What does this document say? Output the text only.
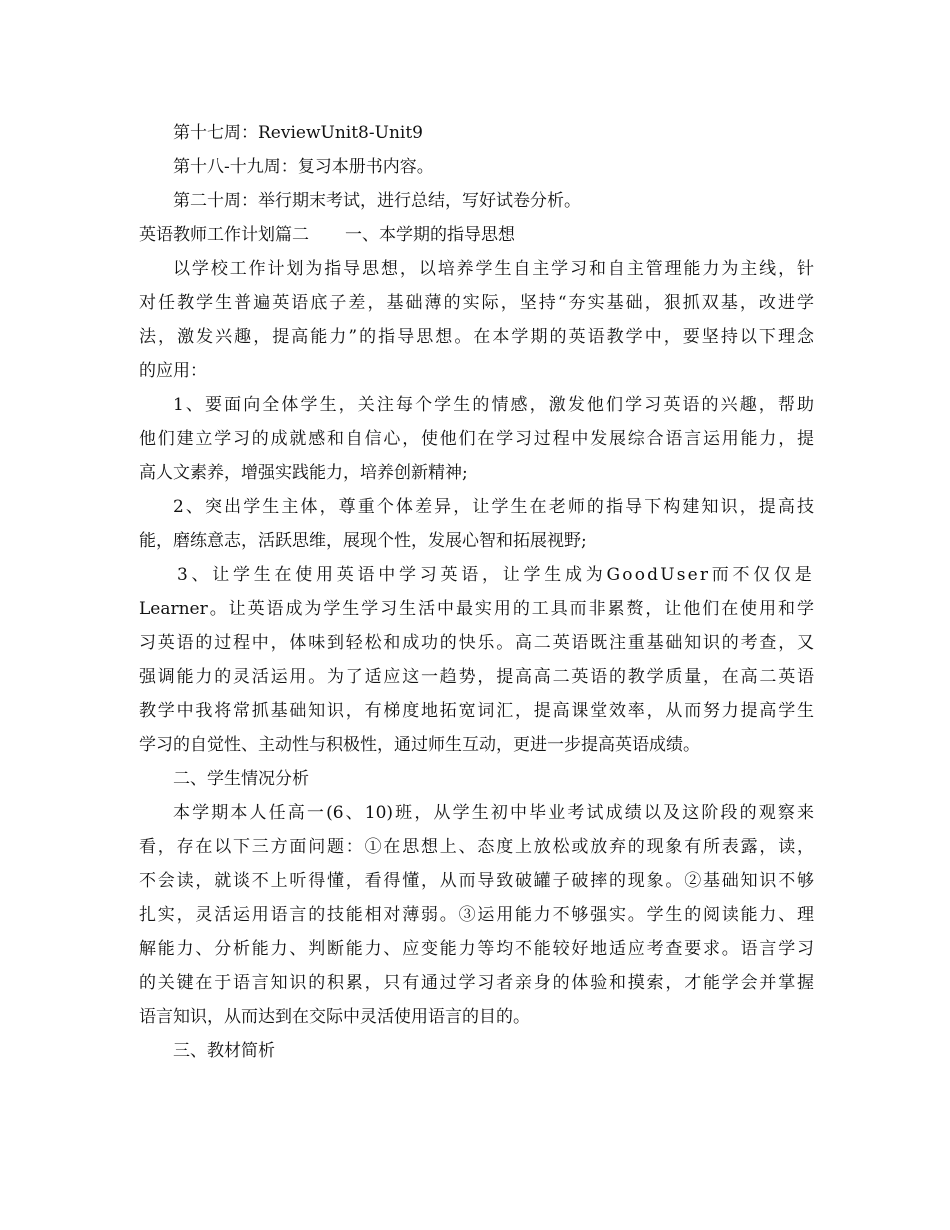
第十七周：ReviewUnit8-Unit9
第十八-十九周：复习本册书内容。
第二十周：举行期末考试，进行总结，写好试卷分析。
英语教师工作计划篇二 一、本学期的指导思想
以学校工作计划为指导思想，以培养学生自主学习和自主管理能力为主线，针
对任教学生普遍英语底子差，基础薄的实际，坚持“夯实基础，狠抓双基，改进学
法，激发兴趣，提高能力”的指导思想。在本学期的英语教学中，要坚持以下理念
的应用：
1、要面向全体学生，关注每个学生的情感，激发他们学习英语的兴趣，帮助
他们建立学习的成就感和自信心，使他们在学习过程中发展综合语言运用能力，提
高人文素养，增强实践能力，培养创新精神;
2、突出学生主体，尊重个体差异，让学生在老师的指导下构建知识，提高技
能，磨练意志，活跃思维，展现个性，发展心智和拓展视野;
3、让学生在使用英语中学习英语，让学生成为GoodUser而不仅仅是
Learner。让英语成为学生学习生活中最实用的工具而非累赘，让他们在使用和学
习英语的过程中，体味到轻松和成功的快乐。高二英语既注重基础知识的考查，又
强调能力的灵活运用。为了适应这一趋势，提高高二英语的教学质量，在高二英语
教学中我将常抓基础知识，有梯度地拓宽词汇，提高课堂效率，从而努力提高学生
学习的自觉性、主动性与积极性，通过师生互动，更进一步提高英语成绩。
二、学生情况分析
本学期本人任高一(6、10)班，从学生初中毕业考试成绩以及这阶段的观察来
看，存在以下三方面问题：①在思想上、态度上放松或放弃的现象有所表露，读，
不会读，就谈不上听得懂，看得懂，从而导致破罐子破摔的现象。②基础知识不够
扎实，灵活运用语言的技能相对薄弱。③运用能力不够强实。学生的阅读能力、理
解能力、分析能力、判断能力、应变能力等均不能较好地适应考查要求。语言学习
的关键在于语言知识的积累，只有通过学习者亲身的体验和摸索，才能学会并掌握
语言知识，从而达到在交际中灵活使用语言的目的。
三、教材简析
